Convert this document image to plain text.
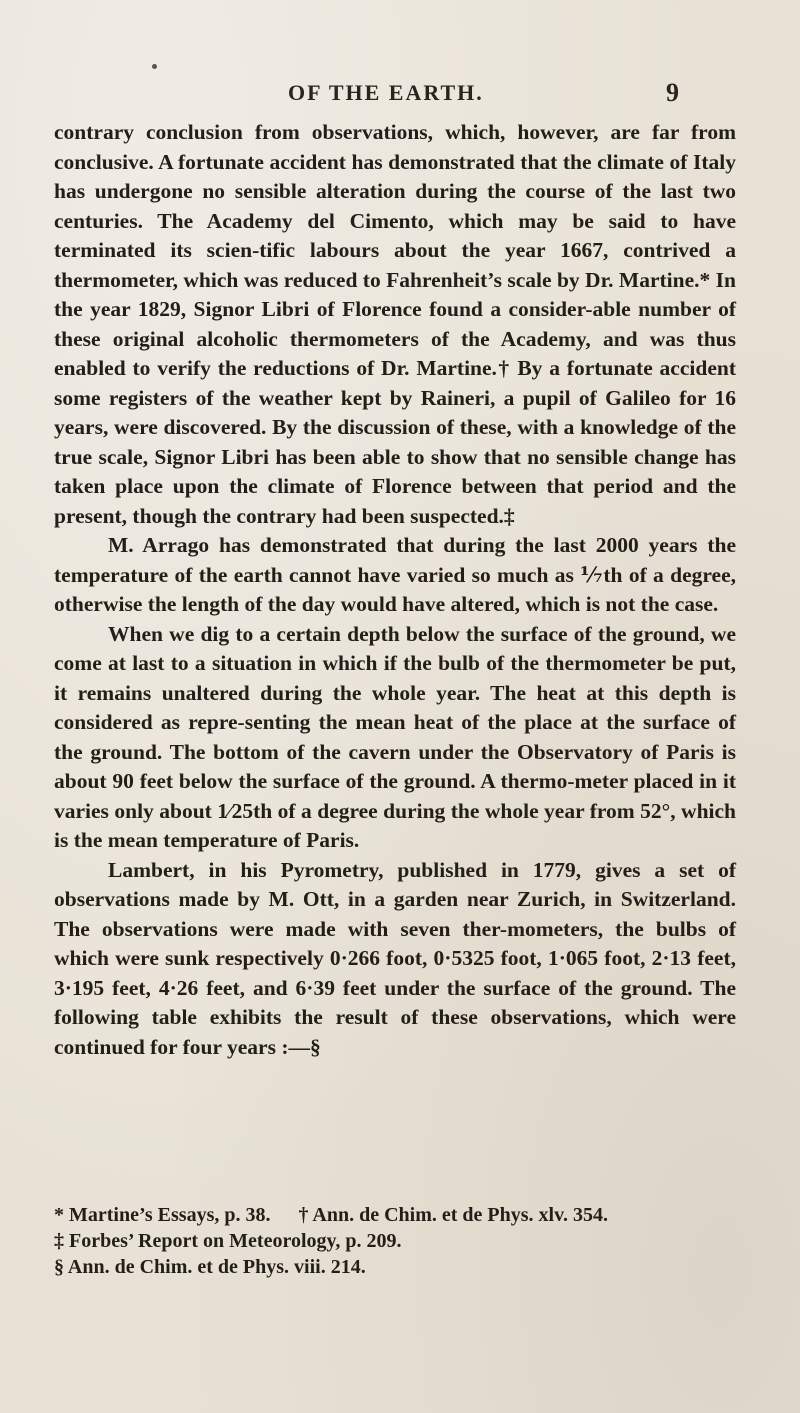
OF THE EARTH.	9

contrary conclusion from observations, which, however, are far from conclusive. A fortunate accident has demonstrated that the climate of Italy has undergone no sensible alteration during the course of the last two centuries. The Academy del Cimento, which may be said to have terminated its scien-tific labours about the year 1667, contrived a thermometer, which was reduced to Fahrenheit’s scale by Dr. Martine.* In the year 1829, Signor Libri of Florence found a consider-able number of these original alcoholic thermometers of the Academy, and was thus enabled to verify the reductions of Dr. Martine.† By a fortunate accident some registers of the weather kept by Raineri, a pupil of Galileo for 16 years, were discovered. By the discussion of these, with a knowledge of the true scale, Signor Libri has been able to show that no sensible change has taken place upon the climate of Florence between that period and the present, though the contrary had been suspected.‡

M. Arrago has demonstrated that during the last 2000 years the temperature of the earth cannot have varied so much as ⅐th of a degree, otherwise the length of the day would have altered, which is not the case.

When we dig to a certain depth below the surface of the ground, we come at last to a situation in which if the bulb of the thermometer be put, it remains unaltered during the whole year. The heat at this depth is considered as repre-senting the mean heat of the place at the surface of the ground. The bottom of the cavern under the Observatory of Paris is about 90 feet below the surface of the ground. A thermo-meter placed in it varies only about 1⁄25th of a degree during the whole year from 52°, which is the mean temperature of Paris.

Lambert, in his Pyrometry, published in 1779, gives a set of observations made by M. Ott, in a garden near Zurich, in Switzerland. The observations were made with seven ther-mometers, the bulbs of which were sunk respectively 0·266 foot, 0·5325 foot, 1·065 foot, 2·13 feet, 3·195 feet, 4·26 feet, and 6·39 feet under the surface of the ground. The following table exhibits the result of these observations, which were continued for four years :—§

* Martine’s Essays, p. 38. † Ann. de Chim. et de Phys. xlv. 354.
‡ Forbes’ Report on Meteorology, p. 209.
§ Ann. de Chim. et de Phys. viii. 214.
